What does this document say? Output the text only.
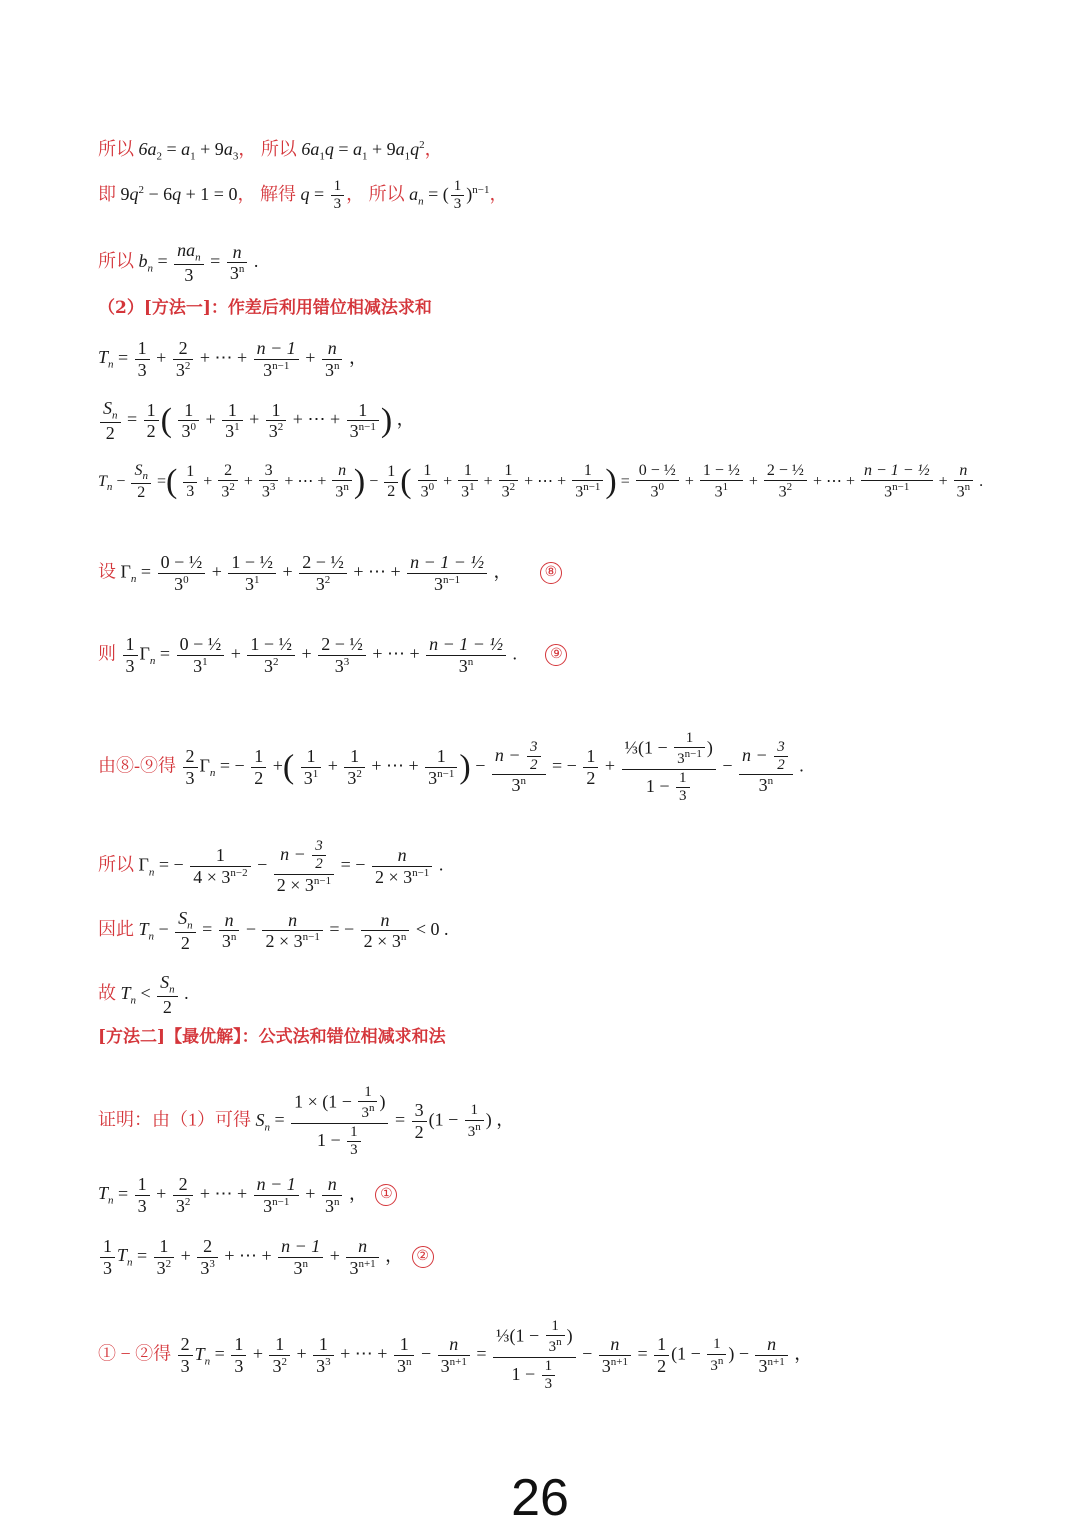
所以 $6a_2 = a_1 + 9a_3$， 所以 $6a_1q = a_1 + 9a_1q^2$，
即 $9q^2 - 6q + 1 = 0$， 解得 $q = \frac{1}{3}$ ， 所以 $a_n$ = ( $\frac{1}{3} )^{n-1}$，
所以 $b_n$ =
$na_n$
3
= $\frac{n}{3^n}$ .
（2）[方法一]：作差后利用错位相减法求和
$T_n = \frac{1}{3} + \frac{2}{3^2}$ + ⋯ + $\frac{n - 1}{3^{n-1}} + \frac{n}{3^n}$ ，
$\frac{S_n}{2} = \frac{1}{2}$ ( $\frac{1}{3^0} + \frac{1}{3^1} + \frac{1}{3^2}$ + ⋯ + $\frac{1}{3^{n-1}}$ ) ，
$T_n - \frac{S_n}{2}$ =( $\frac{1}{3} + \frac{2}{3^2} + \frac{3}{3^3}$ + ⋯ + $\frac{n}{3^n}$ ) − $\frac{1}{2}$ ( $\frac{1}{3^0} + \frac{1}{3^1} + \frac{1}{3^2}$ + ⋯ + $\frac{1}{3^{n-1}}$ ) = $\frac{\text{0 − ½}}{3^0} + \frac{\text{1 − ½}}{3^1} + \frac{\text{2 − ½}}{3^2}$ + ⋯ + $\frac{\text{n − 1 − ½}}{3^{n-1}} + \frac{n}{3^n}$ .
设 $\Gamma_n = \frac{\text{0 − ½}}{3^0} + \frac{\text{1 − ½}}{3^1} + \frac{\text{2 − ½}}{3^2}$ + ⋯ + $\frac{\text{n − 1 − ½}}{3^{n-1}}$ ， ⑧
则 $\frac{1}{3} \Gamma_n = \frac{\text{0 − ½}}{3^1} + \frac{\text{1 − ½}}{3^2} + \frac{\text{2 − ½}}{3^3}$ + ⋯ + $\frac{\text{n − 1 − ½}}{3^n}$ . ⑨
由⑧-⑨得 $\frac{2}{3} \Gamma_n$ = − $\frac{1}{2}$ +( $\frac{1}{3^1} + \frac{1}{3^2}$ + ⋯ + $\frac{1}{3^{n-1}}$ ) − $\frac{n - \frac{3}{2}}{3^n}$ = − $\frac{1}{2} + \frac{\frac{1}{3}(1 - \frac{1}{3^{n-1}} )}{1 - \frac{1}{3}} - \frac{n - \frac{3}{2}}{3^n}$ .
所以 $\Gamma_n$ = − $\frac{1}{4 \times 3^{n-2}} - \frac{n - \frac{3}{2}}{2 \times 3^{n-1}}$ = − $\frac{n}{2 \times 3^{n-1}}$ .
因此 $T_n - \frac{S_n}{2} = \frac{n}{3^n} - \frac{n}{2 \times 3^{n-1}}$ = − $\frac{n}{2 \times 3^n} < 0$ .
故 $T_n < \frac{S_n}{2}$ .
[方法二]【最优解】：公式法和错位相减求和法
证明：由（1）可得 $S_n = \frac{1 \times (1 - \frac{1}{3^n} )}{1 - \frac{1}{3}} = \frac{3}{2} (1 - \frac{1}{3^n}$ ) ，
$T_n = \frac{1}{3} + \frac{2}{3^2}$ + ⋯ + $\frac{n - 1}{3^{n-1}} + \frac{n}{3^n}$ ， ①
$\frac{1}{3} T_n = \frac{1}{3^2} + \frac{2}{3^3}$ + ⋯ + $\frac{n - 1}{3^n} + \frac{n}{3^{n+1}}$ ， ②
① − ②得 $\frac{2}{3} T_n = \frac{1}{3} + \frac{1}{3^2} + \frac{1}{3^3}$ + ⋯ + $\frac{1}{3^n} - \frac{n}{3^{n+1}} = \frac{\frac{1}{3}(1 - \frac{1}{3^n} )}{1 - \frac{1}{3}} - \frac{n}{3^{n+1}} = \frac{1}{2} (1 - \frac{1}{3^n}$ ) − $\frac{n}{3^{n+1}}$ ，
26
